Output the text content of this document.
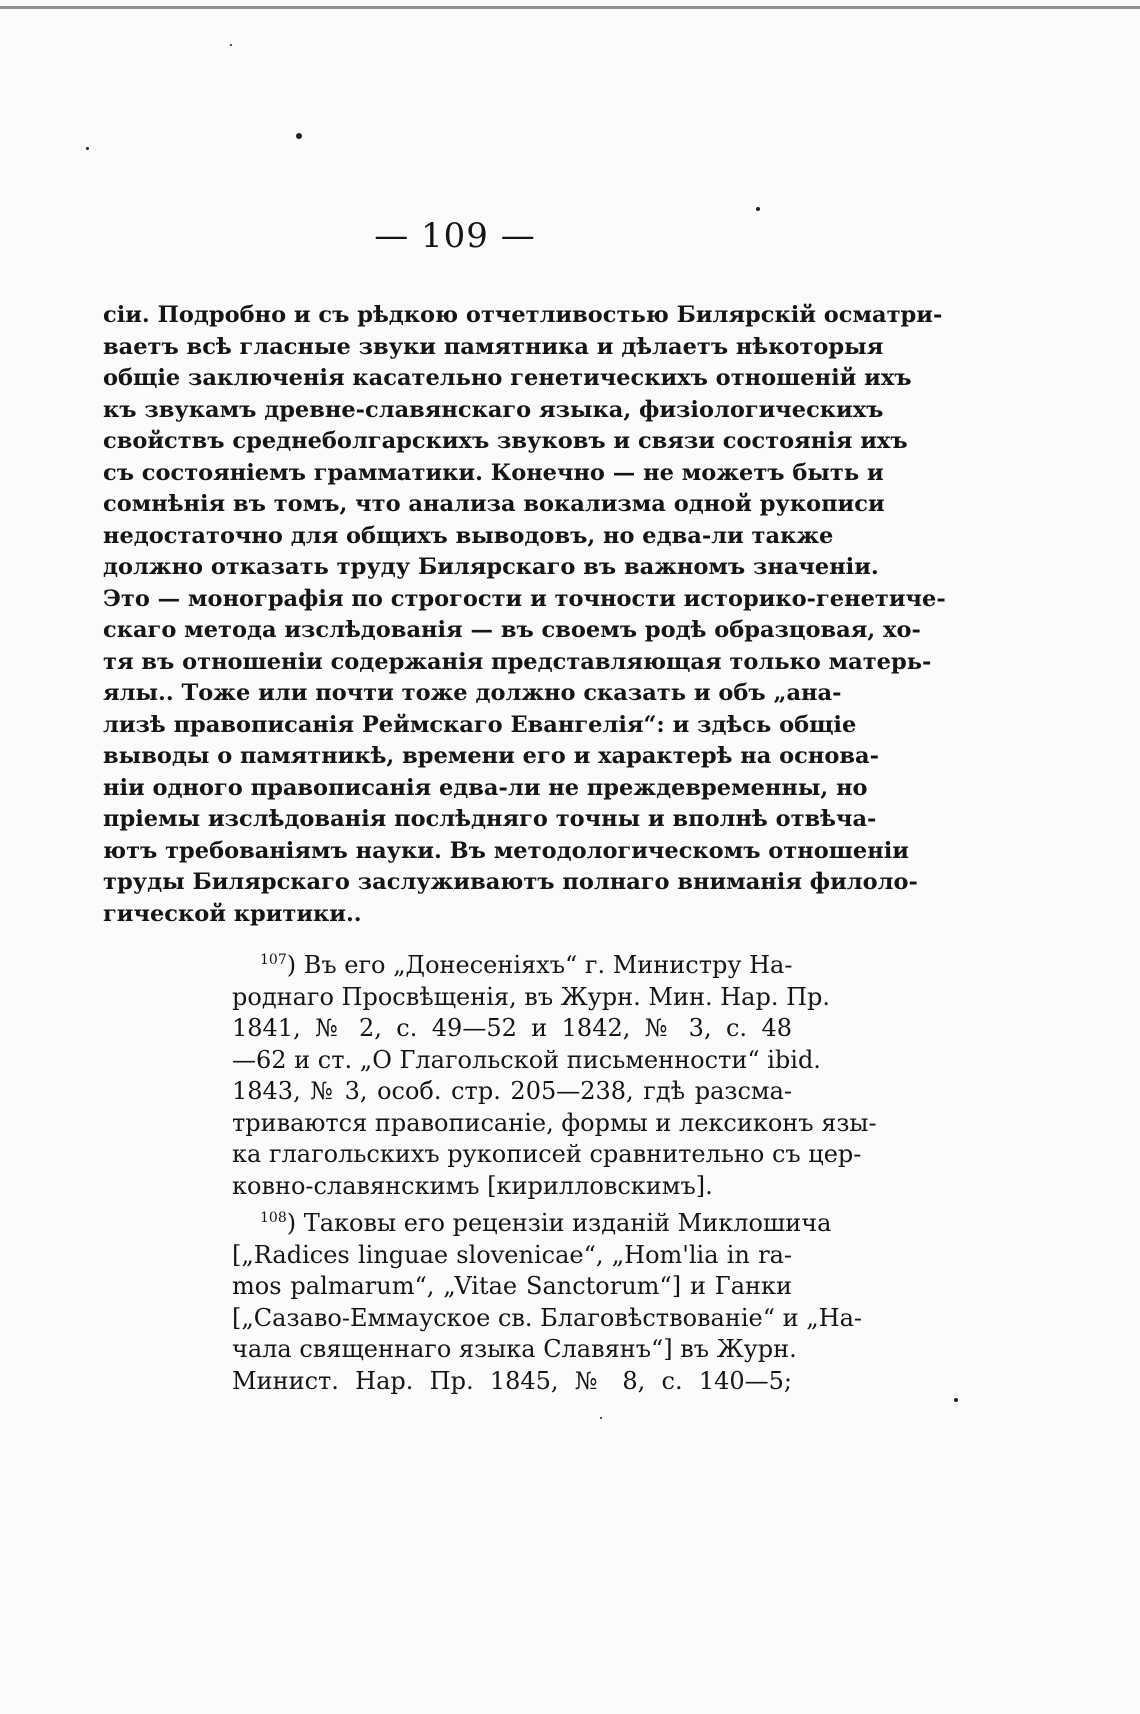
— 109 —
сіи. Подробно и съ рѣдкою отчетливостью Билярскій осматри-
ваетъ всѣ гласные звуки памятника и дѣлаетъ нѣкоторыя
общіе заключенія касательно генетическихъ отношеній ихъ
къ звукамъ древне-славянскаго языка, физіологическихъ
свойствъ среднеболгарскихъ звуковъ и связи состоянія ихъ
съ состояніемъ грамматики. Конечно — не можетъ быть и
сомнѣнія въ томъ, что анализа вокализма одной рукописи
недостаточно для общихъ выводовъ, но едва-ли также
должно отказать труду Билярскаго въ важномъ значеніи.
Это — монографія по строгости и точности историко-генетиче-
скаго метода изслѣдованія — въ своемъ родѣ образцовая, хо-
тя въ отношеніи содержанія представляющая только матерь-
ялы.. Тоже или почти тоже должно сказать и объ „ана-
лизѣ правописанія Реймскаго Евангелія“: и здѣсь общіе
выводы о памятникѣ, времени его и характерѣ на основа-
ніи одного правописанія едва-ли не преждевременны, но
пріемы изслѣдованія послѣдняго точны и вполнѣ отвѣча-
ютъ требованіямъ науки. Въ методологическомъ отношеніи
труды Билярскаго заслуживаютъ полнаго вниманія филоло-
гической критики..
$^{107}$) Въ его „Донесеніяхъ“ г. Министру На-
роднаго Просвѣщенія, въ Журн. Мин. Нар. Пр.
1841, № 2, с. 49—52 и 1842, № 3, с. 48
—62 и ст. „О Глагольской письменности“ ibid.
1843, № 3, особ. стр. 205—238, гдѣ разсма-
триваются правописаніе, формы и лексиконъ язы-
ка глагольскихъ рукописей сравнительно съ цер-
ковно-славянскимъ [кирилловскимъ].
$^{108}$) Таковы его рецензіи изданій Миклошича
[„Radices linguae slovenicae“, „Hom'lia in ra-
mos palmarum“, „Vitae Sanctorum“] и Ганки
[„Сазаво-Еммаускoe св. Благовѣствованіе“ и „На-
чала священнаго языка Славянъ“] въ Журн.
Минист. Нар. Пр. 1845, № 8, с. 140—5;
